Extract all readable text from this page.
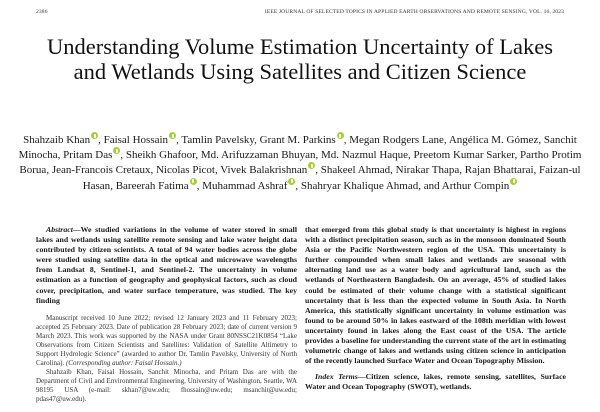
2386	IEEE JOURNAL OF SELECTED TOPICS IN APPLIED EARTH OBSERVATIONS AND REMOTE SENSING, VOL. 16, 2023
Understanding Volume Estimation Uncertainty of Lakes and Wetlands Using Satellites and Citizen Science
Shahzaib Khan , Faisal Hossain , Tamlin Pavelsky, Grant M. Parkins , Megan Rodgers Lane, Angélica M. Gómez, Sanchit Minocha, Pritam Das , Sheikh Ghafoor, Md. Arifuzzaman Bhuyan, Md. Nazmul Haque, Preetom Kumar Sarker, Partho Protim Borua, Jean-Francois Cretaux, Nicolas Picot, Vivek Balakrishnan , Shakeel Ahmad, Nirakar Thapa, Rajan Bhattarai, Faizan-ul Hasan, Bareerah Fatima , Muhammad Ashraf , Shahryar Khalique Ahmad, and Arthur Compin

Abstract—We studied variations in the volume of water stored in small lakes and wetlands using satellite remote sensing and lake water height data contributed by citizen scientists. A total of 94 water bodies across the globe were studied using satellite data in the optical and microwave wavelengths from Landsat 8, Sentinel-1, and Sentinel-2. The uncertainty in volume estimation as a function of geography and geophysical factors, such as cloud cover, precipitation, and water surface temperature, was studied. The key finding

Manuscript received 10 June 2022; revised 12 January 2023 and 11 February 2023; accepted 25 February 2023. Date of publication 28 February 2023; date of current version 9 March 2023. This work was supported by the NASA under Grant 80NSSC21K0854 “Lake Observations from Citizen Scientists and Satellites: Validation of Satellite Altimetry to Support Hydrologic Science” (awarded to author Dr. Tamlin Pavelsky, University of North Carolina). (Corresponding author: Faisal Hossain.)

Shahzaib Khan, Faisal Hossain, Sanchit Minocha, and Pritam Das are with the Department of Civil and Environmental Engineering, University of Washington, Seattle, WA 98195 USA (e-mail: skhan7@uw.edu; fhossain@uw.edu; msanchit@uw.edu; pdas47@uw.edu).

that emerged from this global study is that uncertainty is highest in regions with a distinct precipitation season, such as in the monsoon dominated South Asia or the Pacific Northwestern region of the USA. This uncertainty is further compounded when small lakes and wetlands are seasonal with alternating land use as a water body and agricultural land, such as the wetlands of Northeastern Bangladesh. On an average, 45% of studied lakes could be estimated of their volume change with a statistical significant uncertainty that is less than the expected volume in South Asia. In North America, this statistically significant uncertainty in volume estimation was found to be around 50% in lakes eastward of the 108th meridian with lowest uncertainty found in lakes along the East coast of the USA. The article provides a baseline for understanding the current state of the art in estimating volumetric change of lakes and wetlands using citizen science in anticipation of the recently launched Surface Water and Ocean Topography Mission.

Index Terms—Citizen science, lakes, remote sensing, satellites, Surface Water and Ocean Topography (SWOT), wetlands.
